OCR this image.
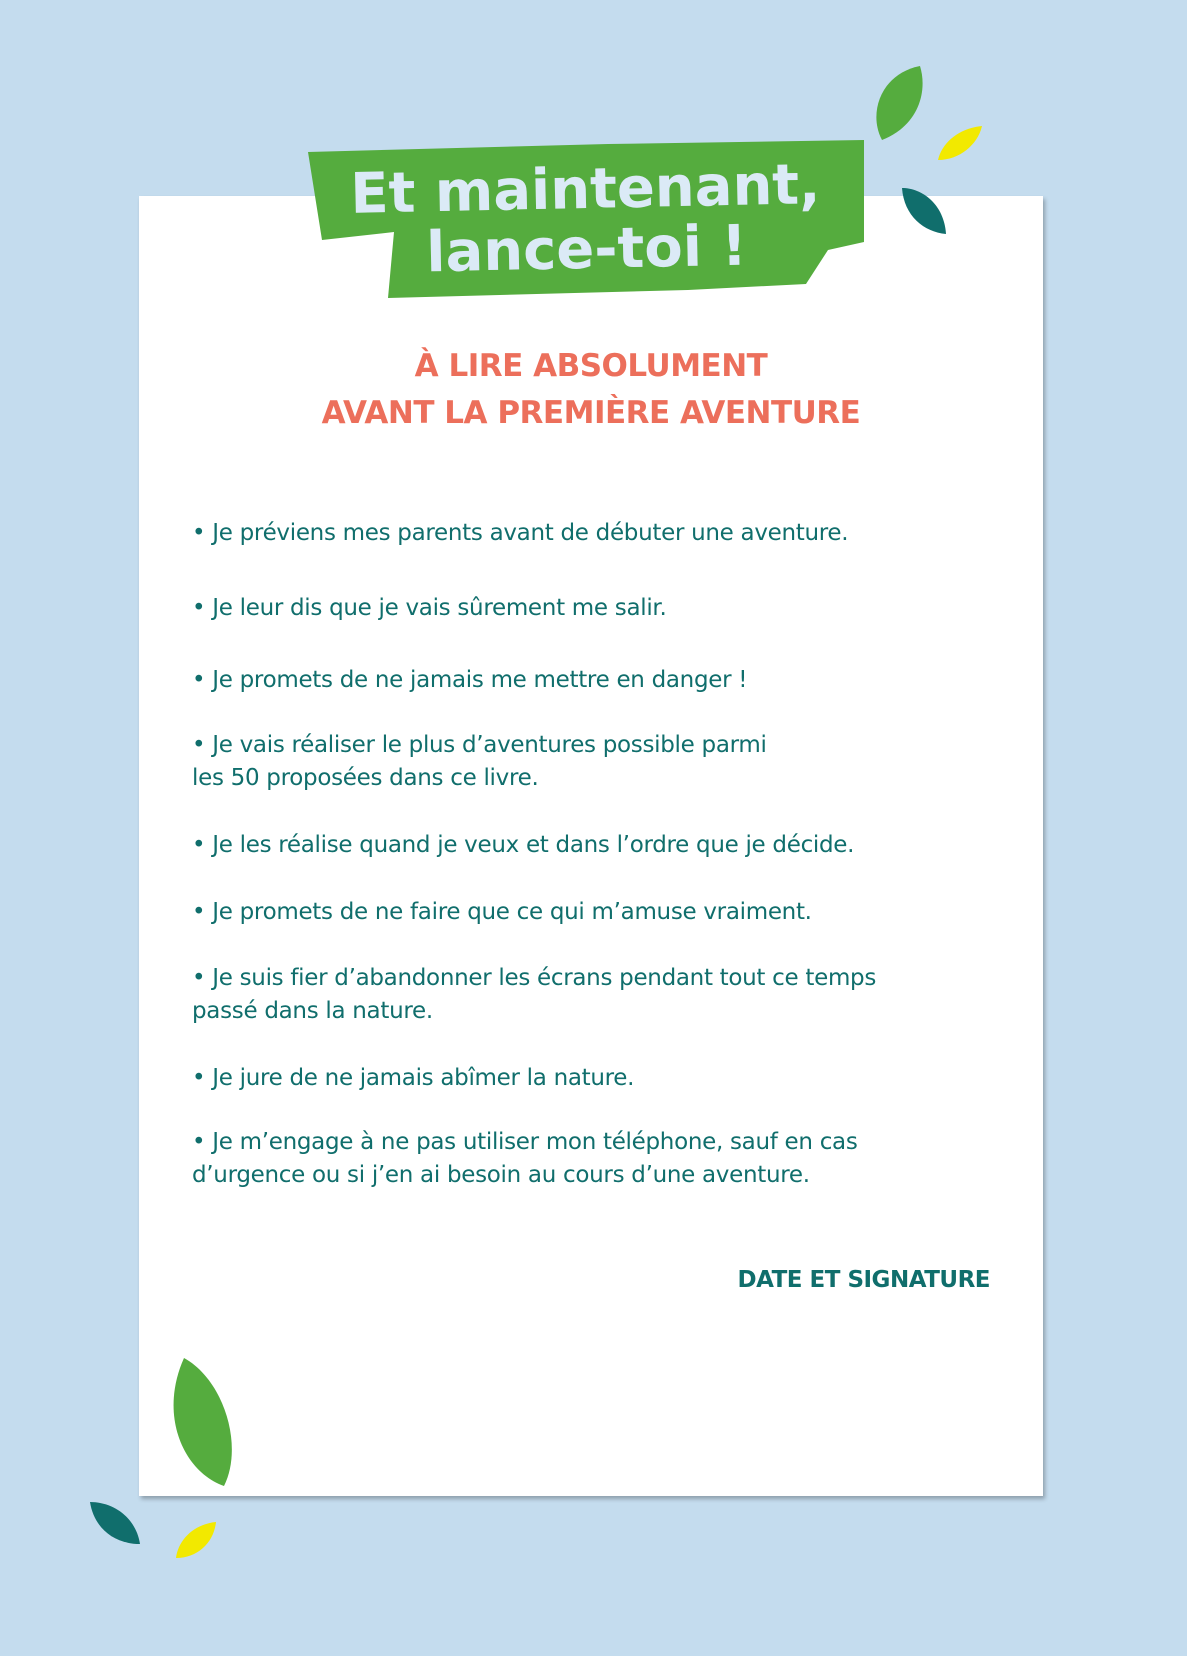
Et maintenant,
lance-toi !
À LIRE ABSOLUMENT
AVANT LA PREMIÈRE AVENTURE
• Je préviens mes parents avant de débuter une aventure.
• Je leur dis que je vais sûrement me salir.
• Je promets de ne jamais me mettre en danger !
• Je vais réaliser le plus d’aventures possible parmi
les 50 proposées dans ce livre.
• Je les réalise quand je veux et dans l’ordre que je décide.
• Je promets de ne faire que ce qui m’amuse vraiment.
• Je suis fier d’abandonner les écrans pendant tout ce temps
passé dans la nature.
• Je jure de ne jamais abîmer la nature.
• Je m’engage à ne pas utiliser mon téléphone, sauf en cas
d’urgence ou si j’en ai besoin au cours d’une aventure.
DATE ET SIGNATURE
